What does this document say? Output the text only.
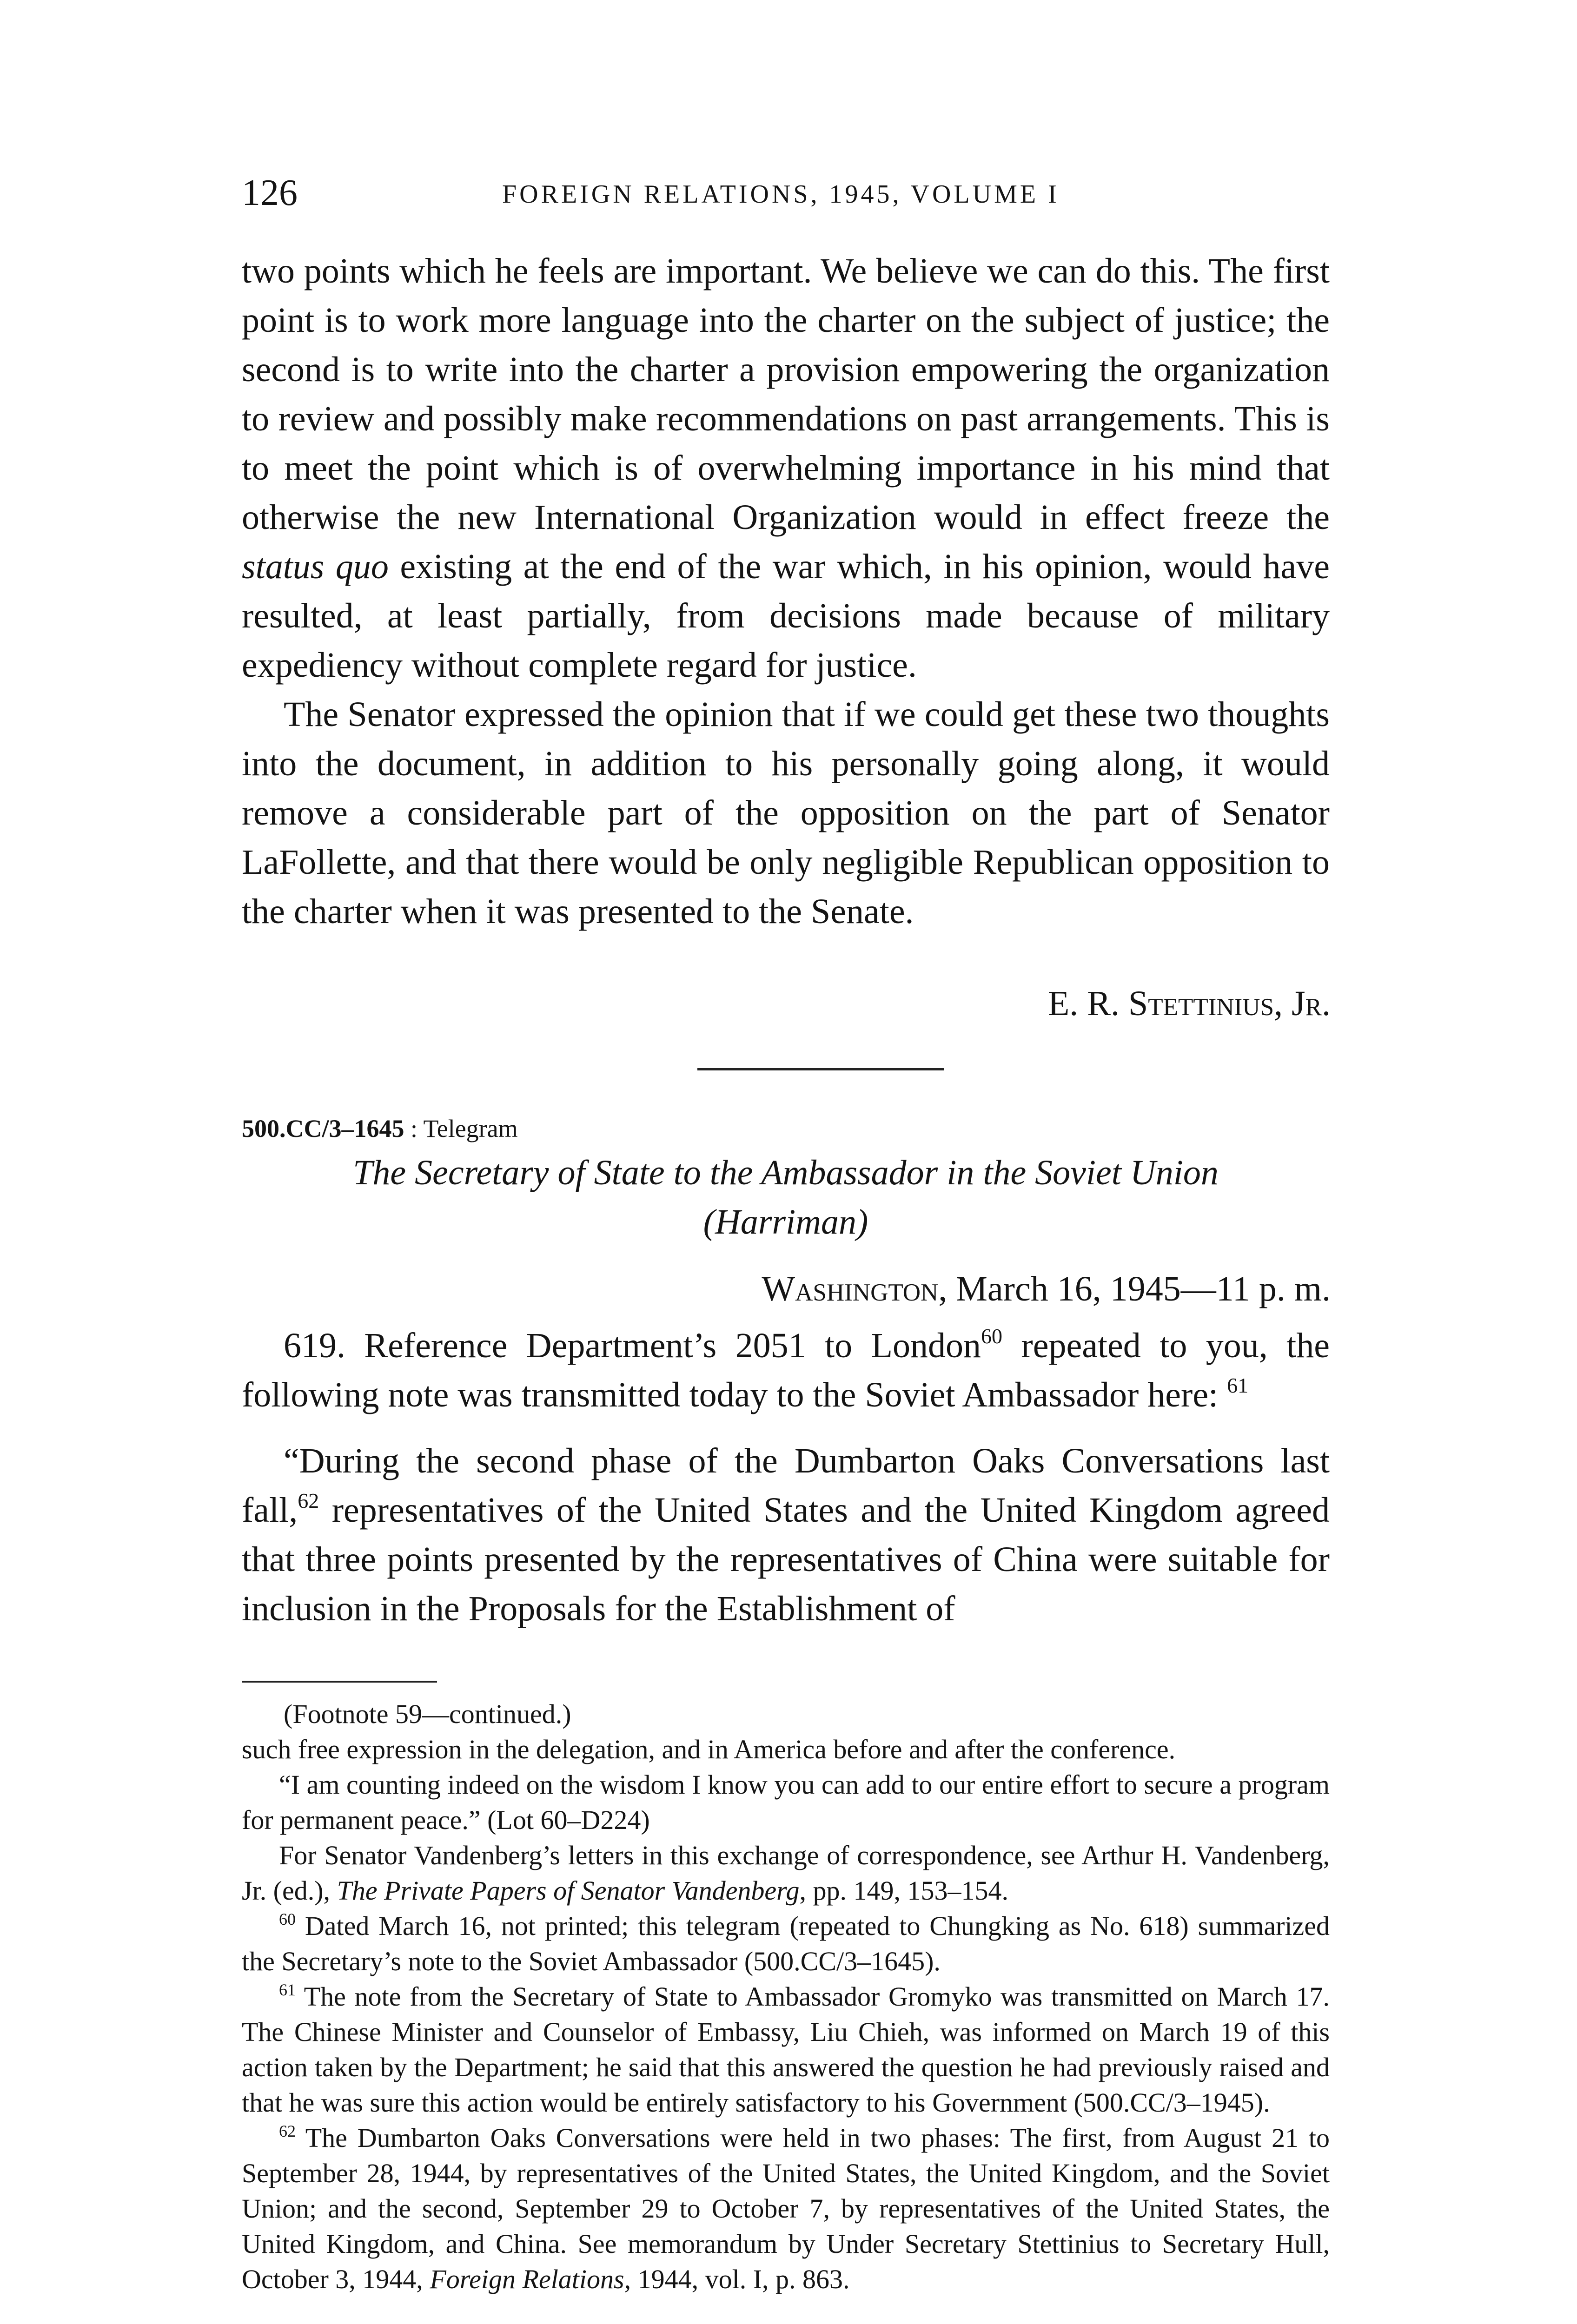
126	FOREIGN RELATIONS, 1945, VOLUME I

two points which he feels are important. We believe we can do this. The first point is to work more language into the charter on the subject of justice; the second is to write into the charter a provision empowering the organization to review and possibly make recommendations on past arrangements. This is to meet the point which is of overwhelming importance in his mind that otherwise the new International Organization would in effect freeze the status quo existing at the end of the war which, in his opinion, would have resulted, at least partially, from decisions made because of military expediency without complete regard for justice.

The Senator expressed the opinion that if we could get these two thoughts into the document, in addition to his personally going along, it would remove a considerable part of the opposition on the part of Senator LaFollette, and that there would be only negligible Republican opposition to the charter when it was presented to the Senate.

E. R. Stettinius, Jr.
500.CC/3–1645 : Telegram

The Secretary of State to the Ambassador in the Soviet Union

(Harriman)

Washington, March 16, 1945—11 p. m.

619. Reference Department’s 2051 to London$^{60}$ repeated to you, the following note was transmitted today to the Soviet Ambassador here: $^{61}$

“During the second phase of the Dumbarton Oaks Conversations last fall,$^{62}$ representatives of the United States and the United Kingdom agreed that three points presented by the representatives of China were suitable for inclusion in the Proposals for the Establishment of

(Footnote 59—continued.)

such free expression in the delegation, and in America before and after the conference.

“I am counting indeed on the wisdom I know you can add to our entire effort to secure a program for permanent peace.” (Lot 60–D224)

For Senator Vandenberg’s letters in this exchange of correspondence, see Arthur H. Vandenberg, Jr. (ed.), The Private Papers of Senator Vandenberg, pp. 149, 153–154.

$^{60}$ Dated March 16, not printed; this telegram (repeated to Chungking as No. 618) summarized the Secretary’s note to the Soviet Ambassador (500.CC/3–1645).

$^{61}$ The note from the Secretary of State to Ambassador Gromyko was transmitted on March 17. The Chinese Minister and Counselor of Embassy, Liu Chieh, was informed on March 19 of this action taken by the Department; he said that this answered the question he had previously raised and that he was sure this action would be entirely satisfactory to his Government (500.CC/3–1945).

$^{62}$ The Dumbarton Oaks Conversations were held in two phases: The first, from August 21 to September 28, 1944, by representatives of the United States, the United Kingdom, and the Soviet Union; and the second, September 29 to October 7, by representatives of the United States, the United Kingdom, and China. See memorandum by Under Secretary Stettinius to Secretary Hull, October 3, 1944, Foreign Relations, 1944, vol. I, p. 863.
